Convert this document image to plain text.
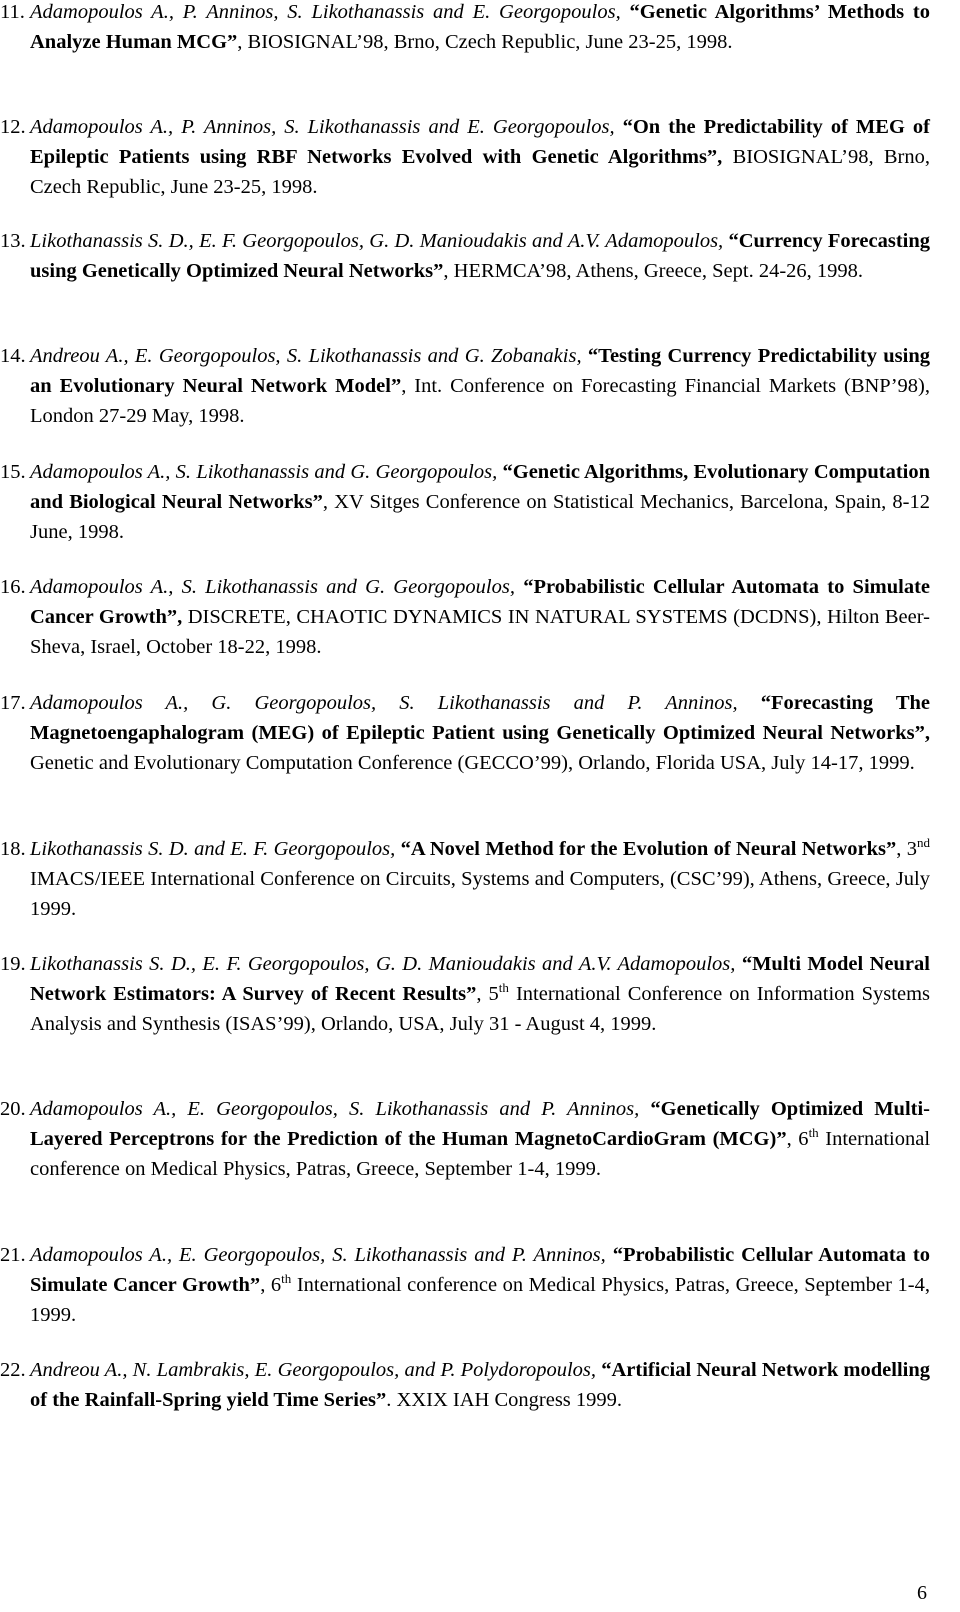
11. Adamopoulos A., P. Anninos, S. Likothanassis and E. Georgopoulos, “Genetic Algorithms’ Methods to Analyze Human MCG”, BIOSIGNAL’98, Brno, Czech Republic, June 23-25, 1998.
12. Adamopoulos A., P. Anninos, S. Likothanassis and E. Georgopoulos, “On the Predictability of MEG of Epileptic Patients using RBF Networks Evolved with Genetic Algorithms”, BIOSIGNAL’98, Brno, Czech Republic, June 23-25, 1998.
13. Likothanassis S. D., E. F. Georgopoulos, G. D. Manioudakis and A.V. Adamopoulos, “Currency Forecasting using Genetically Optimized Neural Networks”, HERMCA’98, Athens, Greece, Sept. 24-26, 1998.
14. Andreou A., E. Georgopoulos, S. Likothanassis and G. Zobanakis, “Testing Currency Predictability using an Evolutionary Neural Network Model”, Int. Conference on Forecasting Financial Markets (BNP’98), London 27-29 May, 1998.
15. Adamopoulos A., S. Likothanassis and G. Georgopoulos, “Genetic Algorithms, Evolutionary Computation and Biological Neural Networks”, XV Sitges Conference on Statistical Mechanics, Barcelona, Spain, 8-12 June, 1998.
16. Adamopoulos A., S. Likothanassis and G. Georgopoulos, “Probabilistic Cellular Automata to Simulate Cancer Growth”, DISCRETE, CHAOTIC DYNAMICS IN NATURAL SYSTEMS (DCDNS), Hilton Beer-Sheva, Israel, October 18-22, 1998.
17. Adamopoulos A., G. Georgopoulos, S. Likothanassis and P. Anninos, “Forecasting The Magnetoengaphalogram (MEG) of Epileptic Patient using Genetically Optimized Neural Networks”, Genetic and Evolutionary Computation Conference (GECCO’99), Orlando, Florida USA, July 14-17, 1999.
18. Likothanassis S. D. and E. F. Georgopoulos, “A Novel Method for the Evolution of Neural Networks”, 3nd IMACS/IEEE International Conference on Circuits, Systems and Computers, (CSC’99), Athens, Greece, July 1999.
19. Likothanassis S. D., E. F. Georgopoulos, G. D. Manioudakis and A.V. Adamopoulos, “Multi Model Neural Network Estimators: A Survey of Recent Results”, 5th International Conference on Information Systems Analysis and Synthesis (ISAS’99), Orlando, USA, July 31 - August 4, 1999.
20. Adamopoulos A., E. Georgopoulos, S. Likothanassis and P. Anninos, “Genetically Optimized Multi-Layered Perceptrons for the Prediction of the Human MagnetoCardioGram (MCG)”, 6th International conference on Medical Physics, Patras, Greece, September 1-4, 1999.
21. Adamopoulos A., E. Georgopoulos, S. Likothanassis and P. Anninos, “Probabilistic Cellular Automata to Simulate Cancer Growth”, 6th International conference on Medical Physics, Patras, Greece, September 1-4, 1999.
22. Andreou A., N. Lambrakis, E. Georgopoulos, and P. Polydoropoulos, “Artificial Neural Network modelling of the Rainfall-Spring yield Time Series”. XXIX IAH Congress 1999.
6
